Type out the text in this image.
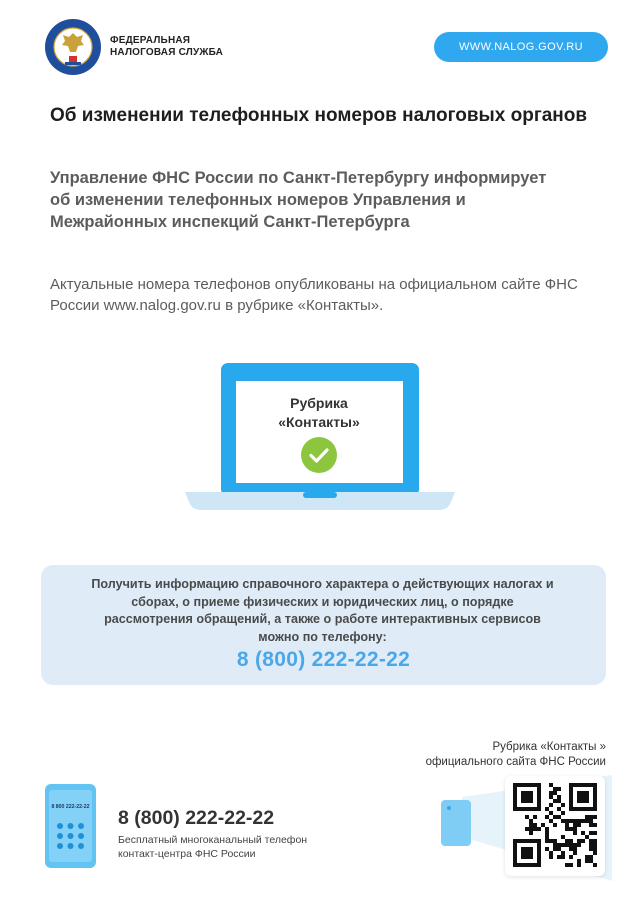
ФЕДЕРАЛЬНАЯ
НАЛОГОВАЯ СЛУЖБА	WWW.NALOG.GOV.RU
Об изменении телефонных номеров налоговых органов
Управление ФНС России по Санкт-Петербургу информирует об изменении телефонных номеров Управления и Межрайонных инспекций Санкт-Петербурга
Актуальные номера телефонов опубликованы на официальном сайте ФНС России www.nalog.gov.ru в рубрике «Контакты».
Рубрика
«Контакты»
Получить информацию справочного характера о действующих налогах и сборах, о приеме физических и юридических лиц, о порядке рассмотрения обращений, а также о работе интерактивных сервисов можно по телефону:
8 (800) 222-22-22
Рубрика «Контакты »
официального сайта ФНС России
8 800 222-22-22 8 (800) 222-22-22
Бесплатный многоканальный телефон
контакт-центра ФНС России
